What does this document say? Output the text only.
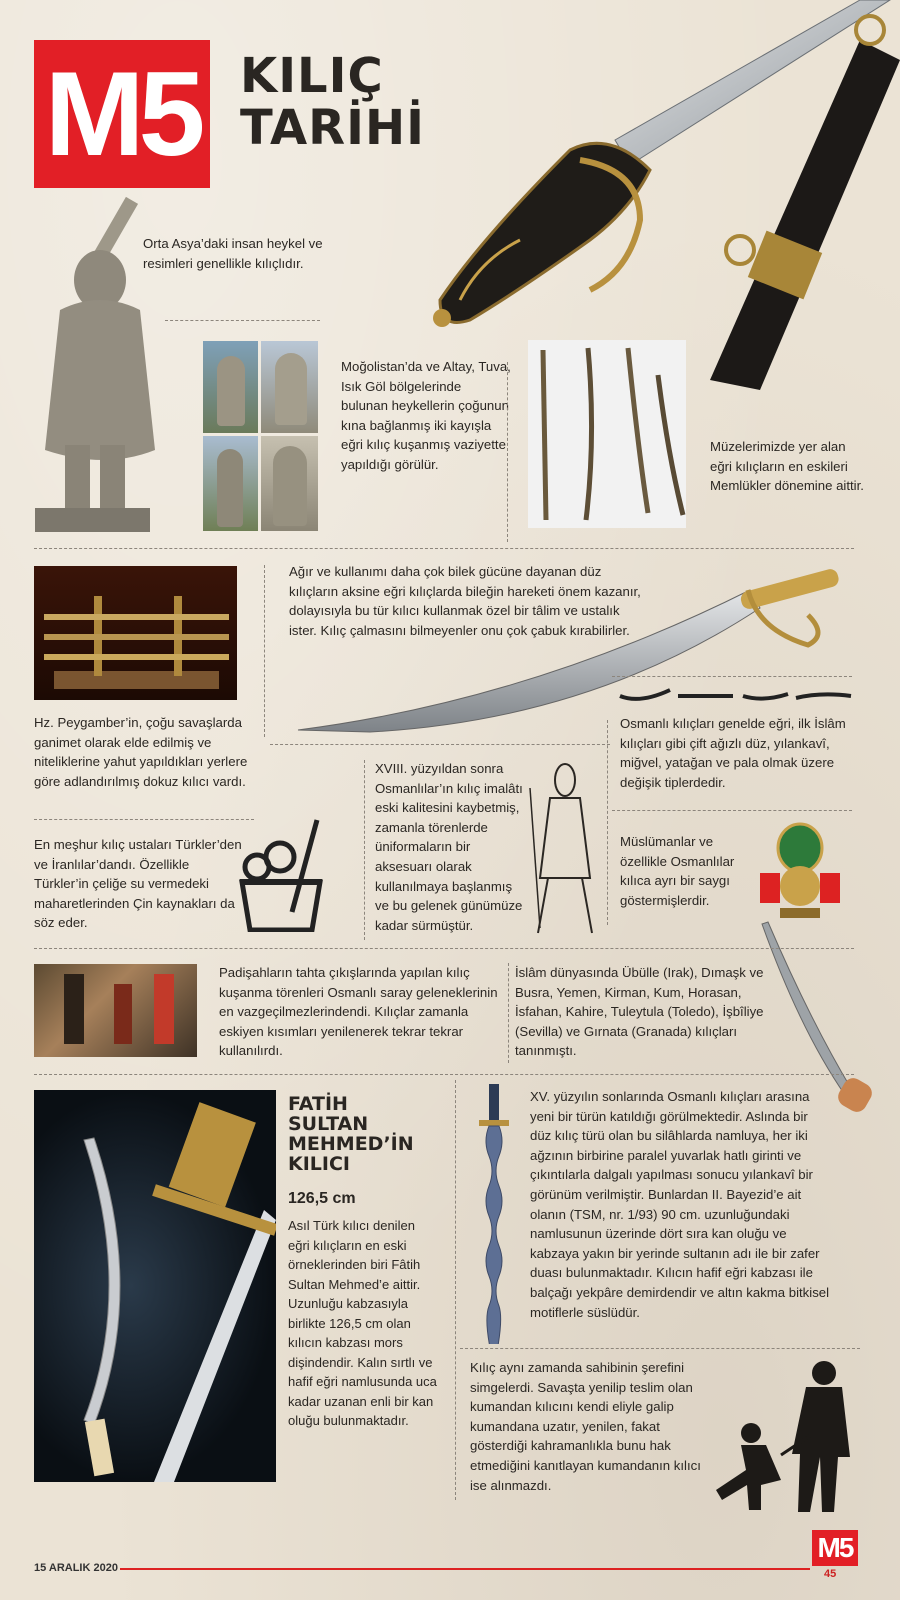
M5 KILIÇ
TARİHİ
Orta Asya’daki insan heykel ve resimleri genellikle kılıçlıdır.
Moğolistan’da ve Altay, Tuva, Isık Göl bölgelerinde bulunan heykellerin çoğunun kına bağlanmış iki kayışla eğri kılıç kuşanmış vaziyette yapıldığı görülür.
Müzelerimizde yer alan eğri kılıçların en eskileri Memlükler dönemine aittir.
Ağır ve kullanımı daha çok bilek gücüne dayanan düz kılıçların aksine eğri kılıçlarda bileğin hareketi önem kazanır, dolayısıyla bu tür kılıcı kullanmak özel bir tâlim ve ustalık ister. Kılıç çalmasını bilmeyenler onu çok çabuk kırabilirler.
Hz. Peygamber’in, çoğu savaşlarda ganimet olarak elde edilmiş ve niteliklerine yahut yapıldıkları yerlere göre adlandırılmış dokuz kılıcı vardı.
Osmanlı kılıçları genelde eğri, ilk İslâm kılıçları gibi çift ağızlı düz, yılankavî, miğvel, yatağan ve pala olmak üzere değişik tiplerdedir.
XVIII. yüzyıldan sonra Osmanlılar’ın kılıç imalâtı eski kalitesini kaybetmiş, zamanla törenlerde üniformaların bir aksesuarı olarak kullanılmaya başlanmış ve bu gelenek günümüze kadar sürmüştür.
En meşhur kılıç ustaları Türkler’den ve İranlılar’dandı. Özellikle Türkler’in çeliğe su vermedeki maharetlerinden Çin kaynakları da söz eder.
Müslümanlar ve özellikle Osmanlılar kılıca ayrı bir saygı göstermişlerdir.
Padişahların tahta çıkışlarında yapılan kılıç kuşanma törenleri Osmanlı saray geleneklerinin en vazgeçilmezlerindendi. Kılıçlar zamanla eskiyen kısımları yenilenerek tekrar tekrar kullanılırdı.
İslâm dünyasında Übülle (Irak), Dımaşk ve Busra, Yemen, Kirman, Kum, Horasan, İsfahan, Kahire, Tuleytula (Toledo), İşbîliye (Sevilla) ve Gırnata (Granada) kılıçları tanınmıştı.
FATİH SULTAN MEHMED’İN KILICI
126,5 cm
Asıl Türk kılıcı denilen eğri kılıçların en eski örneklerinden biri Fâtih Sultan Mehmed’e aittir. Uzunluğu kabzasıyla birlikte 126,5 cm olan kılıcın kabzası mors dişindendir. Kalın sırtlı ve hafif eğri namlusunda uca kadar uzanan enli bir kan oluğu bulunmaktadır.
XV. yüzyılın sonlarında Osmanlı kılıçları arasına yeni bir türün katıldığı görülmektedir. Aslında bir düz kılıç türü olan bu silâhlarda namluya, her iki ağzının birbirine paralel yuvarlak hatlı girinti ve çıkıntılarla dalgalı yapılması sonucu yılankavî bir görünüm verilmiştir. Bunlardan II. Bayezid’e ait olanın (TSM, nr. 1/93) 90 cm. uzunluğundaki namlusunun üzerinde dört sıra kan oluğu ve kabzaya yakın bir yerinde sultanın adı ile bir zafer duası bulunmaktadır. Kılıcın hafif eğri kabzası ile balçağı yekpâre demirdendir ve altın kakma bitkisel motiflerle süslüdür.
Kılıç aynı zamanda sahibinin şerefini simgelerdi. Savaşta yenilip teslim olan kumandan kılıcını kendi eliyle galip kumandana uzatır, yenilen, fakat gösterdiği kahramanlıkla bunu hak etmediğini kanıtlayan kumandanın kılıcı ise alınmazdı.
15 ARALIK 2020
M5
45
